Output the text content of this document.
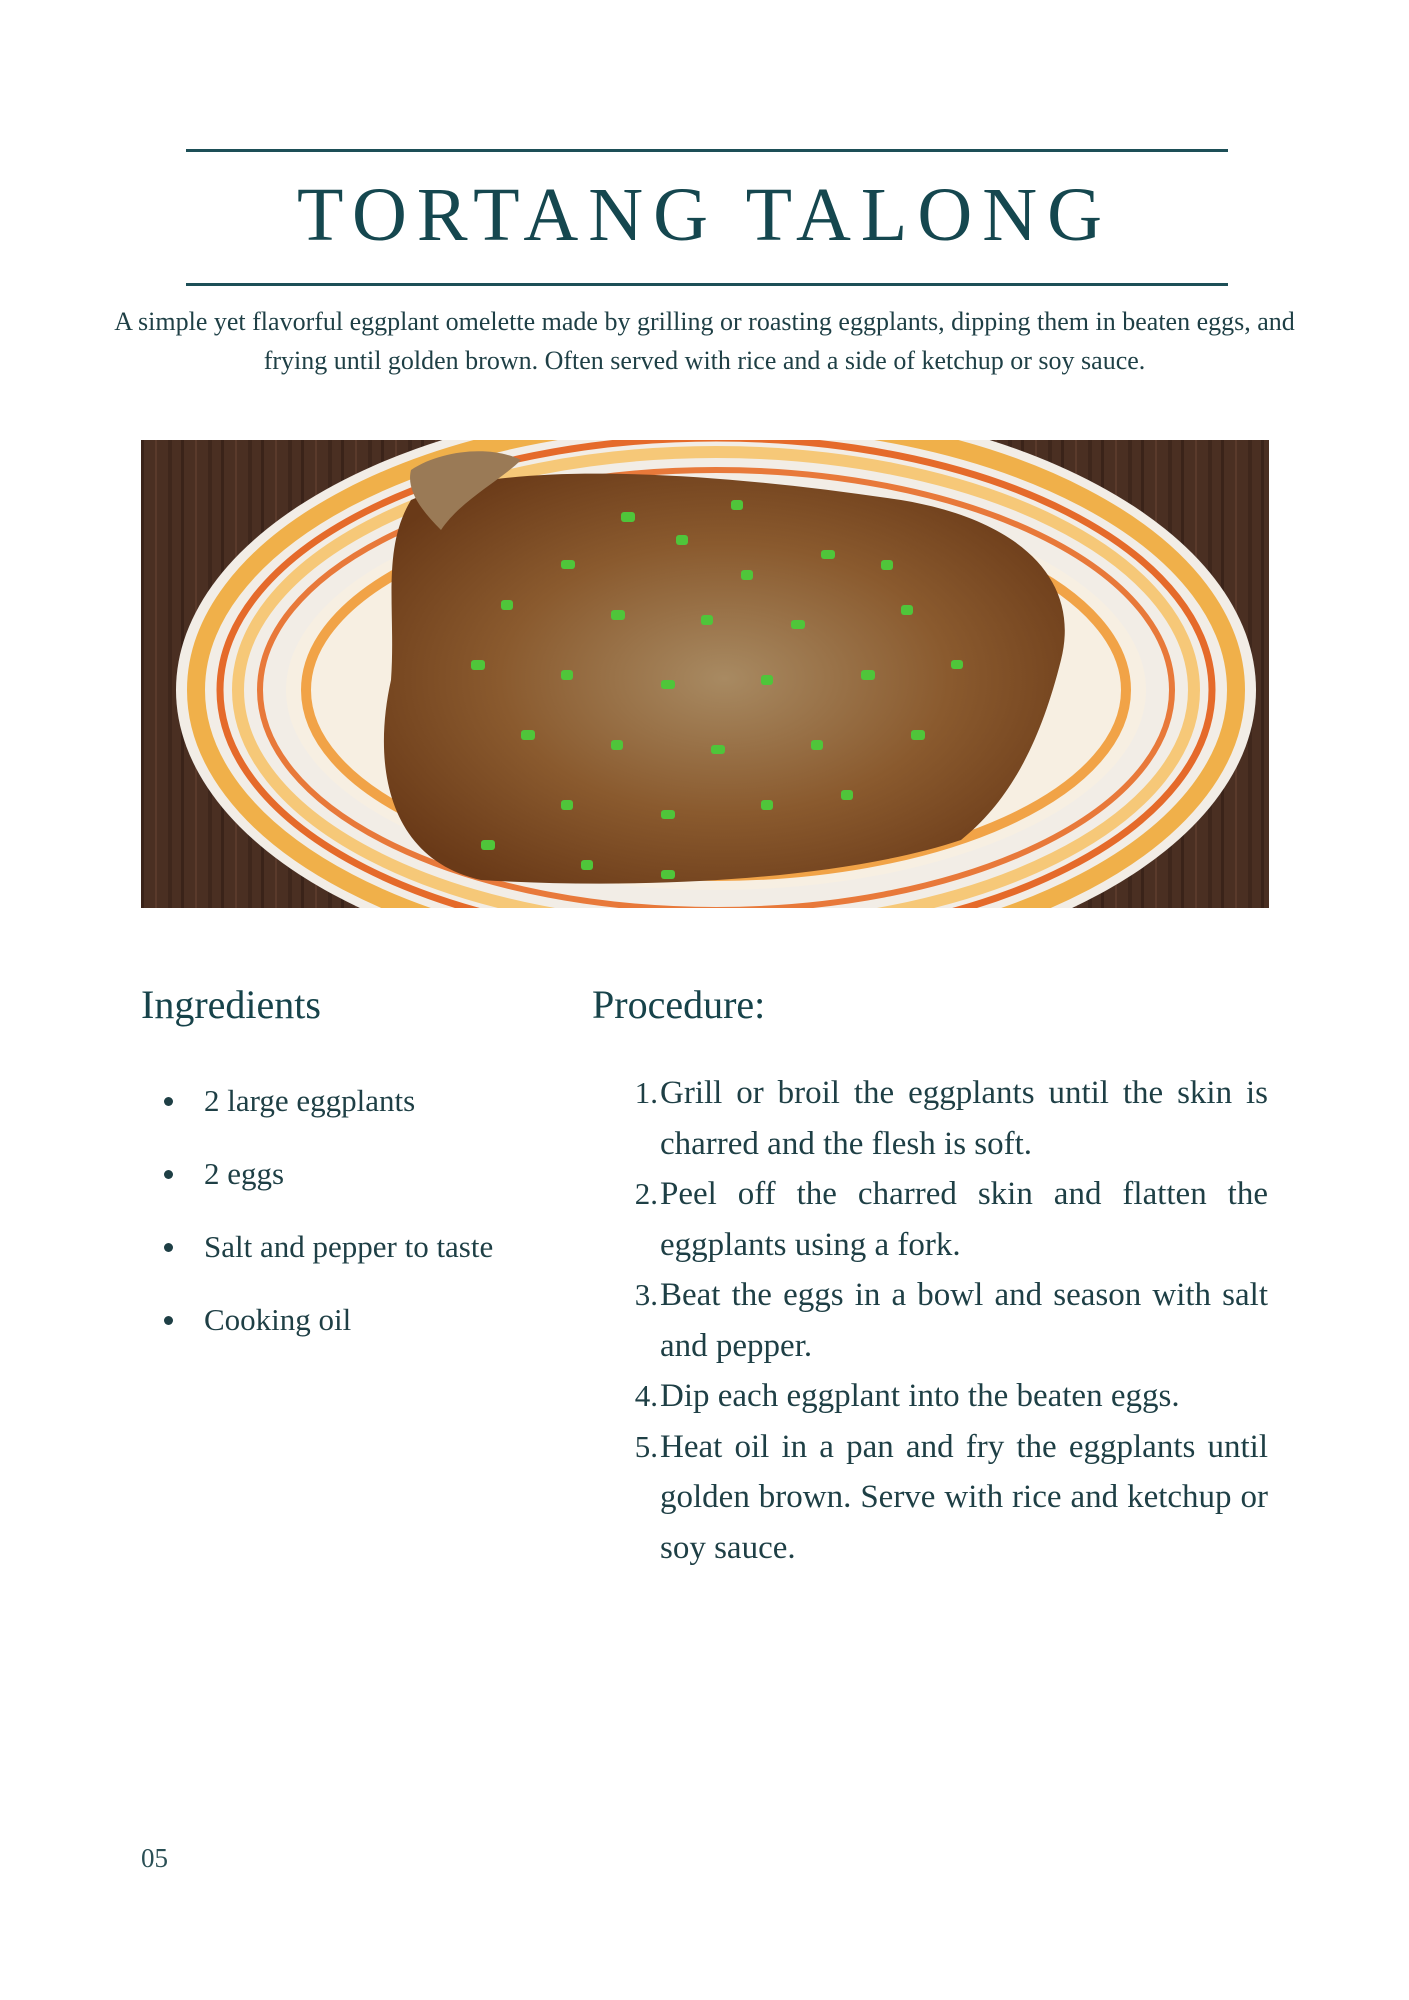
TORTANG TALONG

A simple yet flavorful eggplant omelette made by grilling or roasting eggplants, dipping them in beaten eggs, and frying until golden brown. Often served with rice and a side of ketchup or soy sauce.

Ingredients	Procedure:
2 large eggplants
2 eggs
Salt and pepper to taste
Cooking oil
1. Grill or broil the eggplants until the skin is charred and the flesh is soft.
2. Peel off the charred skin and flatten the eggplants using a fork.
3. Beat the eggs in a bowl and season with salt and pepper.
4. Dip each eggplant into the beaten eggs.
5. Heat oil in a pan and fry the eggplants until golden brown. Serve with rice and ketchup or soy sauce.
05
